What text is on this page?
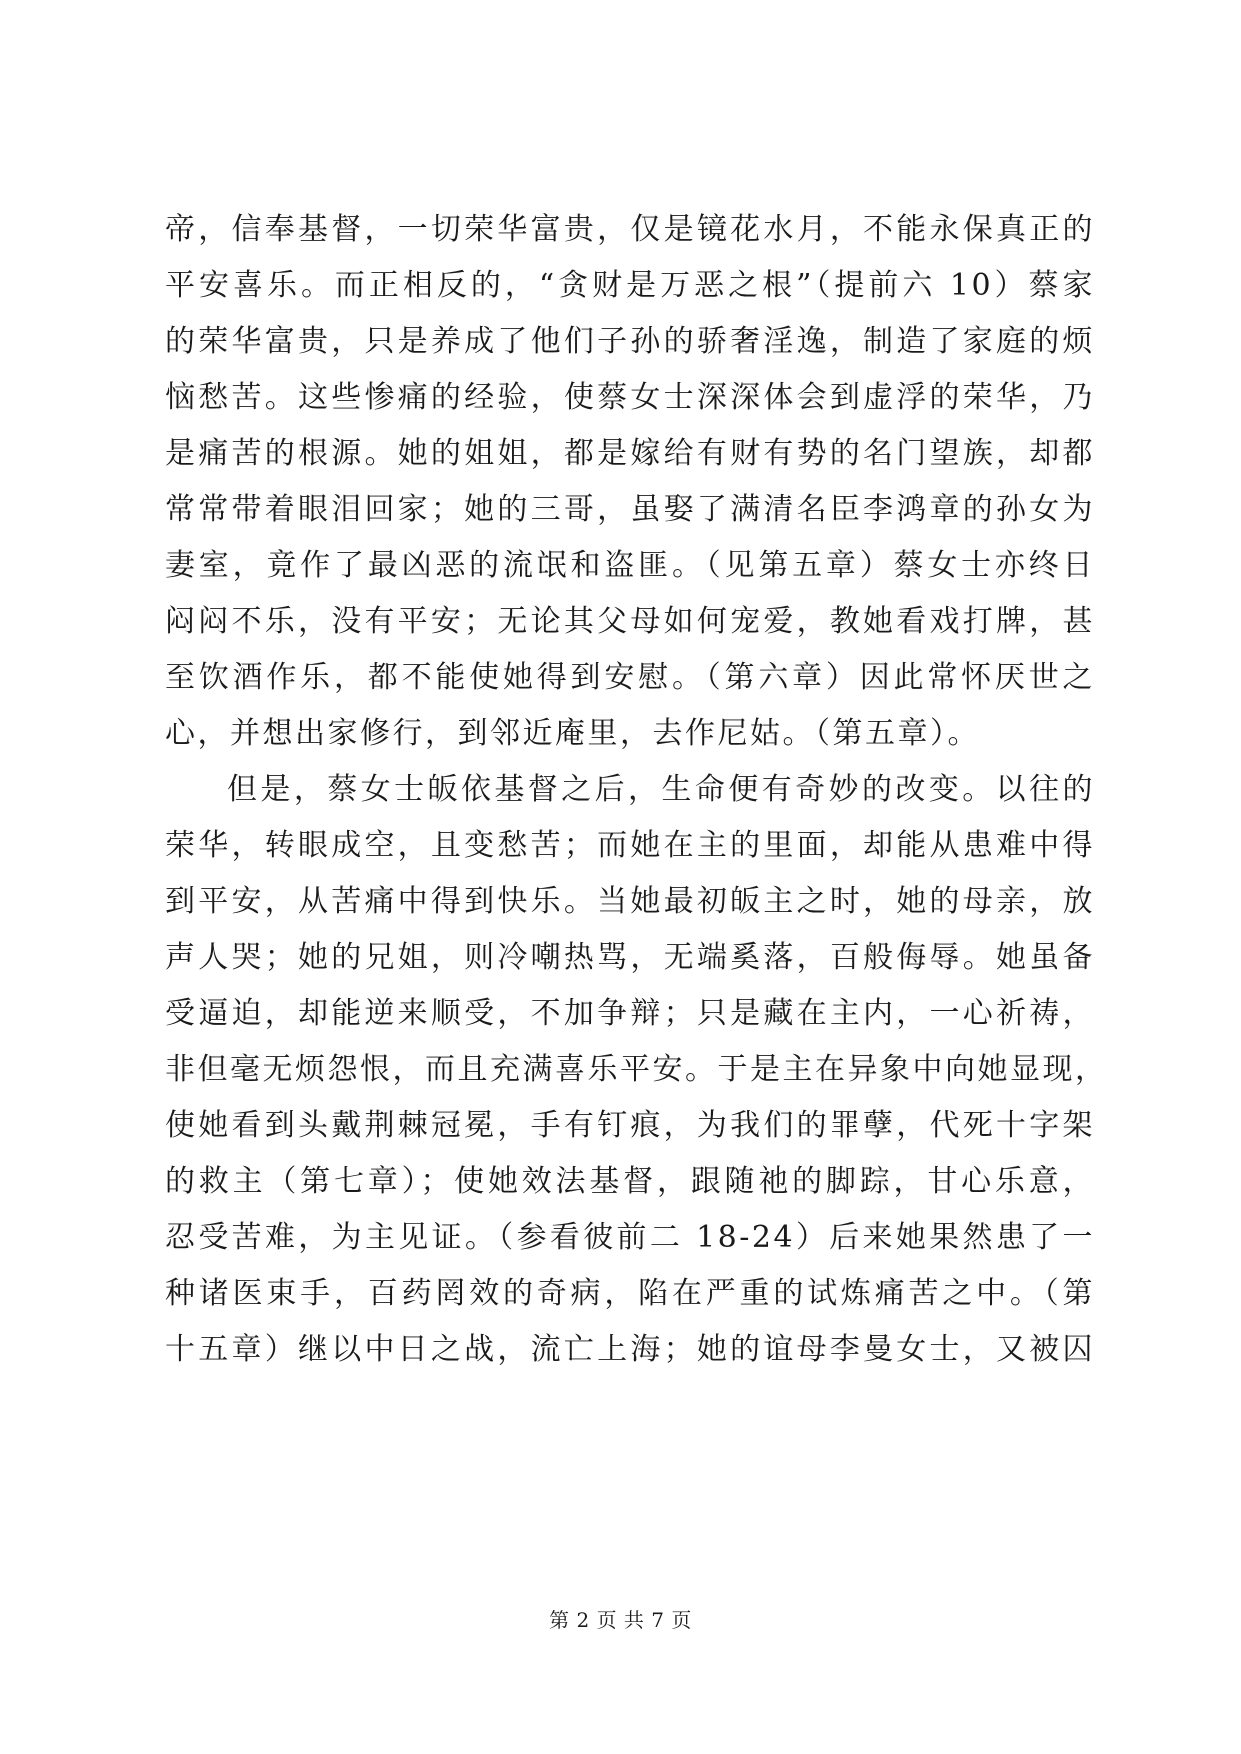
帝，信奉基督，一切荣华富贵，仅是镜花水月，不能永保真正的
平安喜乐。而正相反的，“贪财是万恶之根”（提前六 10）蔡家
的荣华富贵，只是养成了他们子孙的骄奢淫逸，制造了家庭的烦
恼愁苦。这些惨痛的经验，使蔡女士深深体会到虚浮的荣华，乃
是痛苦的根源。她的姐姐，都是嫁给有财有势的名门望族，却都
常常带着眼泪回家；她的三哥，虽娶了满清名臣李鸿章的孙女为
妻室，竟作了最凶恶的流氓和盗匪。（见第五章）蔡女士亦终日
闷闷不乐，没有平安；无论其父母如何宠爱，教她看戏打牌，甚
至饮酒作乐，都不能使她得到安慰。（第六章）因此常怀厌世之
心，并想出家修行，到邻近庵里，去作尼姑。（第五章）。
但是，蔡女士皈依基督之后，生命便有奇妙的改变。以往的
荣华，转眼成空，且变愁苦；而她在主的里面，却能从患难中得
到平安，从苦痛中得到快乐。当她最初皈主之时，她的母亲，放
声人哭；她的兄姐，则冷嘲热骂，无端奚落，百般侮辱。她虽备
受逼迫，却能逆来顺受，不加争辩；只是藏在主内，一心祈祷，
非但毫无烦怨恨，而且充满喜乐平安。于是主在异象中向她显现，
使她看到头戴荆棘冠冕，手有钉痕，为我们的罪孽，代死十字架
的救主（第七章）；使她效法基督，跟随祂的脚踪，甘心乐意，
忍受苦难，为主见证。（参看彼前二 18-24）后来她果然患了一
种诸医束手，百药罔效的奇病，陷在严重的试炼痛苦之中。（第
十五章）继以中日之战，流亡上海；她的谊母李曼女士，又被囚
第 2 页 共 7 页
